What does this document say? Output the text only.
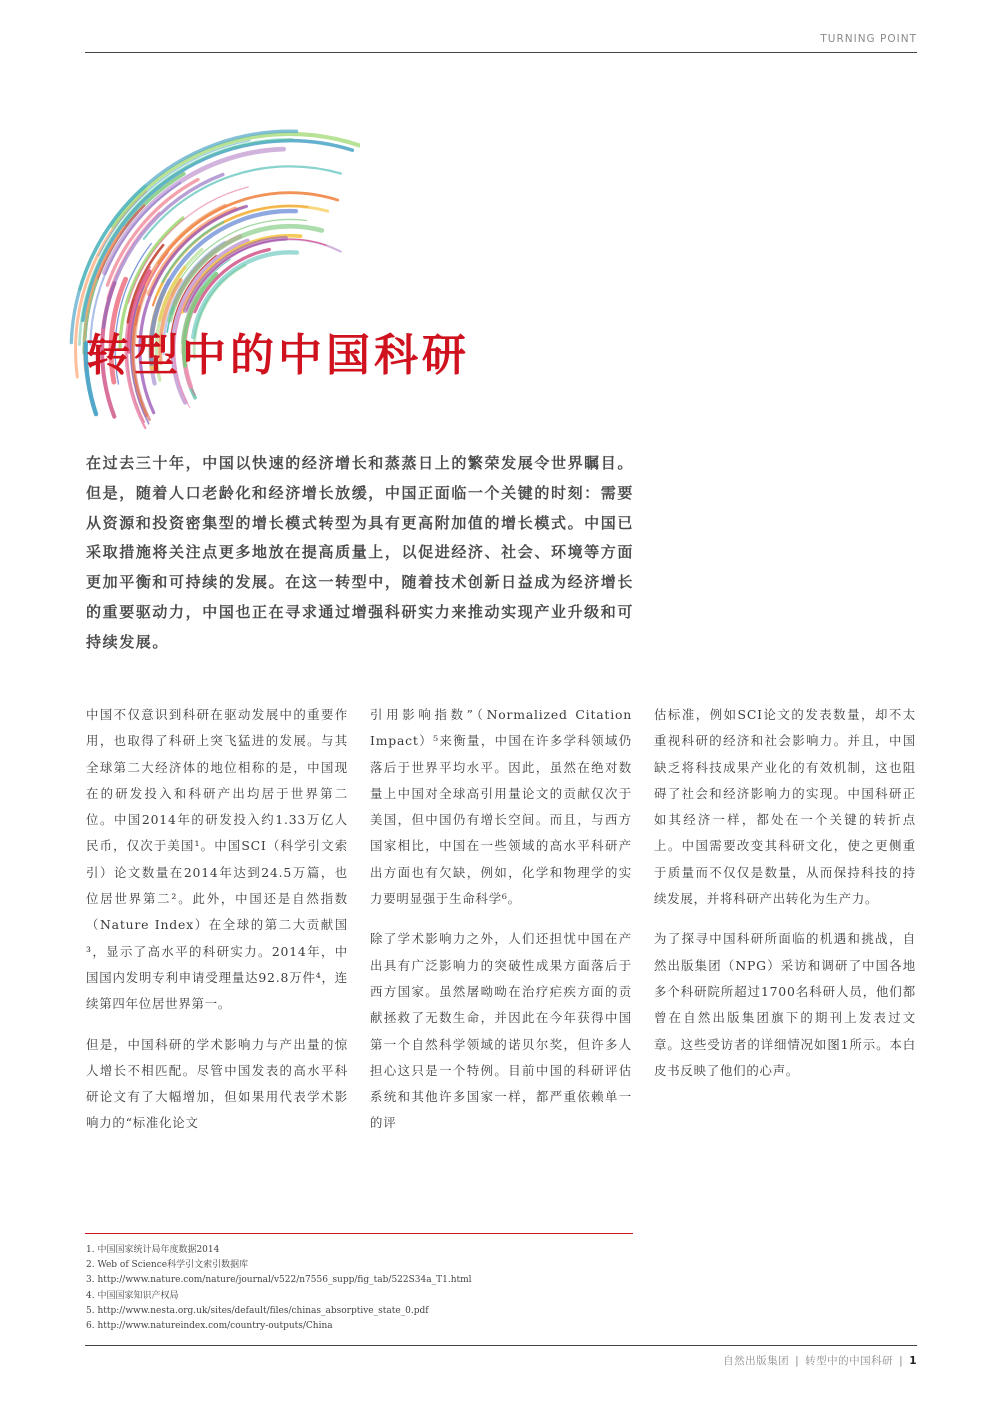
TURNING POINT
转型中的中国科研

在过去三十年，中国以快速的经济增长和蒸蒸日上的繁荣发展令世界瞩目。但是，随着人口老龄化和经济增长放缓，中国正面临一个关键的时刻：需要从资源和投资密集型的增长模式转型为具有更高附加值的增长模式。中国已采取措施将关注点更多地放在提高质量上，以促进经济、社会、环境等方面更加平衡和可持续的发展。在这一转型中，随着技术创新日益成为经济增长的重要驱动力，中国也正在寻求通过增强科研实力来推动实现产业升级和可持续发展。

中国不仅意识到科研在驱动发展中的重要作用，也取得了科研上突飞猛进的发展。与其全球第二大经济体的地位相称的是，中国现在的研发投入和科研产出均居于世界第二位。中国2014年的研发投入约1.33万亿人民币，仅次于美国¹。中国SCI（科学引文索引）论文数量在2014年达到24.5万篇，也位居世界第二²。此外，中国还是自然指数（Nature Index）在全球的第二大贡献国³，显示了高水平的科研实力。2014年，中国国内发明专利申请受理量达92.8万件⁴，连续第四年位居世界第一。

但是，中国科研的学术影响力与产出量的惊人增长不相匹配。尽管中国发表的高水平科研论文有了大幅增加，但如果用代表学术影响力的“标准化论文

引用影响指数”（Normalized Citation Impact）⁵来衡量，中国在许多学科领域仍落后于世界平均水平。因此，虽然在绝对数量上中国对全球高引用量论文的贡献仅次于美国，但中国仍有增长空间。而且，与西方国家相比，中国在一些领域的高水平科研产出方面也有欠缺，例如，化学和物理学的实力要明显强于生命科学⁶。

除了学术影响力之外，人们还担忧中国在产出具有广泛影响力的突破性成果方面落后于西方国家。虽然屠呦呦在治疗疟疾方面的贡献拯救了无数生命，并因此在今年获得中国第一个自然科学领域的诺贝尔奖，但许多人担心这只是一个特例。目前中国的科研评估系统和其他许多国家一样，都严重依赖单一的评

估标准，例如SCI论文的发表数量，却不太重视科研的经济和社会影响力。并且，中国缺乏将科技成果产业化的有效机制，这也阻碍了社会和经济影响力的实现。中国科研正如其经济一样，都处在一个关键的转折点上。中国需要改变其科研文化，使之更侧重于质量而不仅仅是数量，从而保持科技的持续发展，并将科研产出转化为生产力。

为了探寻中国科研所面临的机遇和挑战，自然出版集团（NPG）采访和调研了中国各地多个科研院所超过1700名科研人员，他们都曾在自然出版集团旗下的期刊上发表过文章。这些受访者的详细情况如图1所示。本白皮书反映了他们的心声。

1. 中国国家统计局年度数据2014
2. Web of Science科学引文索引数据库
3. http://www.nature.com/nature/journal/v522/n7556_supp/fig_tab/522S34a_T1.html
4. 中国国家知识产权局
5. http://www.nesta.org.uk/sites/default/files/chinas_absorptive_state_0.pdf
6. http://www.natureindex.com/country-outputs/China
自然出版集团 | 转型中的中国科研 | 1
